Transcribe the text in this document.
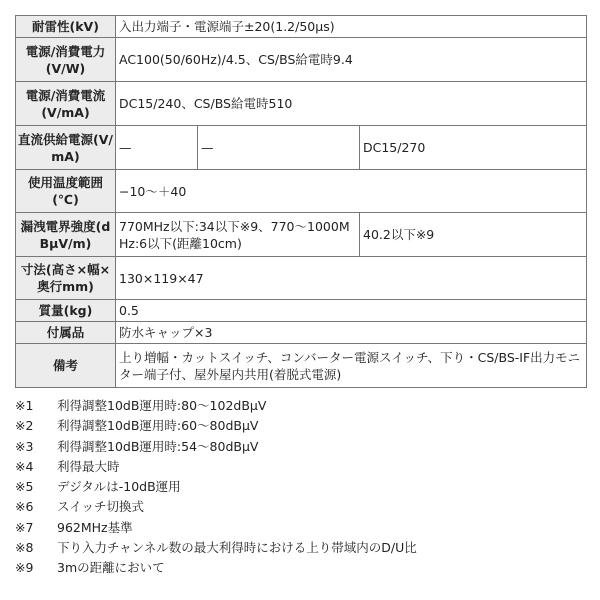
耐雷性(kV)	入出力端子・電源端子±20(1.2/50μs)		
電源/消費電力(V/W)	AC100(50/60Hz)/4.5、CS/BS給電時9.4		
電源/消費電流(V/mA)	DC15/240、CS/BS給電時510		
直流供給電源(V/mA)	—	—	DC15/270
使用温度範囲(℃)	−10〜＋40		
漏洩電界強度(dBμV/m)	770MHz以下:34以下※9、770〜1000MHz:6以下(距離10cm)		40.2以下※9
寸法(高さ×幅×奥行mm)	130×119×47		
質量(kg)	0.5		
付属品	防水キャップ×3		
備考	上り増幅・カットスイッチ、コンバーター電源スイッチ、下り・CS/BS-IF出力モニター端子付、屋外屋内共用(着脱式電源)		
※1 利得調整10dB運用時:80〜102dBμV
※2 利得調整10dB運用時:60〜80dBμV
※3 利得調整10dB運用時:54〜80dBμV
※4 利得最大時
※5 デジタルは-10dB運用
※6 スイッチ切換式
※7 962MHz基準
※8 下り入力チャンネル数の最大利得時における上り帯域内のD/U比
※9 3mの距離において
